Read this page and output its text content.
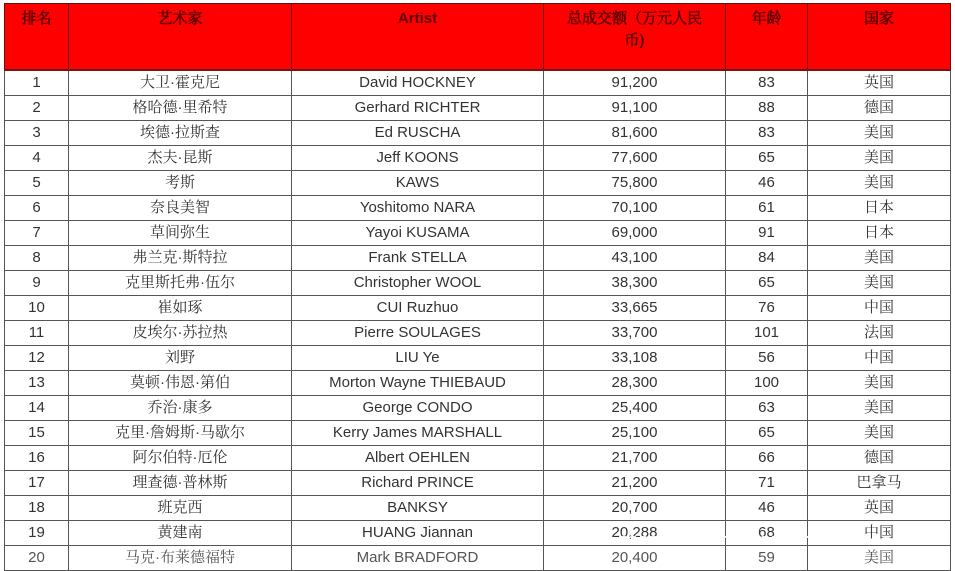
排名	艺术家	Artist	总成交额（万元人民币)	年龄	国家
1	大卫·霍克尼	David HOCKNEY	91,200	83	英国
2	格哈德·里希特	Gerhard RICHTER	91,100	88	德国
3	埃德·拉斯查	Ed RUSCHA	81,600	83	美国
4	杰夫·昆斯	Jeff KOONS	77,600	65	美国
5	考斯	KAWS	75,800	46	美国
6	奈良美智	Yoshitomo NARA	70,100	61	日本
7	草间弥生	Yayoi KUSAMA	69,000	91	日本
8	弗兰克·斯特拉	Frank STELLA	43,100	84	美国
9	克里斯托弗·伍尔	Christopher WOOL	38,300	65	美国
10	崔如琢	CUI Ruzhuo	33,665	76	中国
11	皮埃尔·苏拉热	Pierre SOULAGES	33,700	101	法国
12	刘野	LIU Ye	33,108	56	中国
13	莫顿·伟恩·第伯	Morton Wayne THIEBAUD	28,300	100	美国
14	乔治·康多	George CONDO	25,400	63	美国
15	克里·詹姆斯·马歇尔	Kerry James MARSHALL	25,100	65	美国
16	阿尔伯特·厄伦	Albert OEHLEN	21,700	66	德国
17	理查德·普林斯	Richard PRINCE	21,200	71	巴拿马
18	班克西	BANKSY	20,700	46	英国
19	黄建南	HUANG Jiannan	20,288	68	中国
20	马克·布莱德福特	Mark BRADFORD	20,400	59	美国
